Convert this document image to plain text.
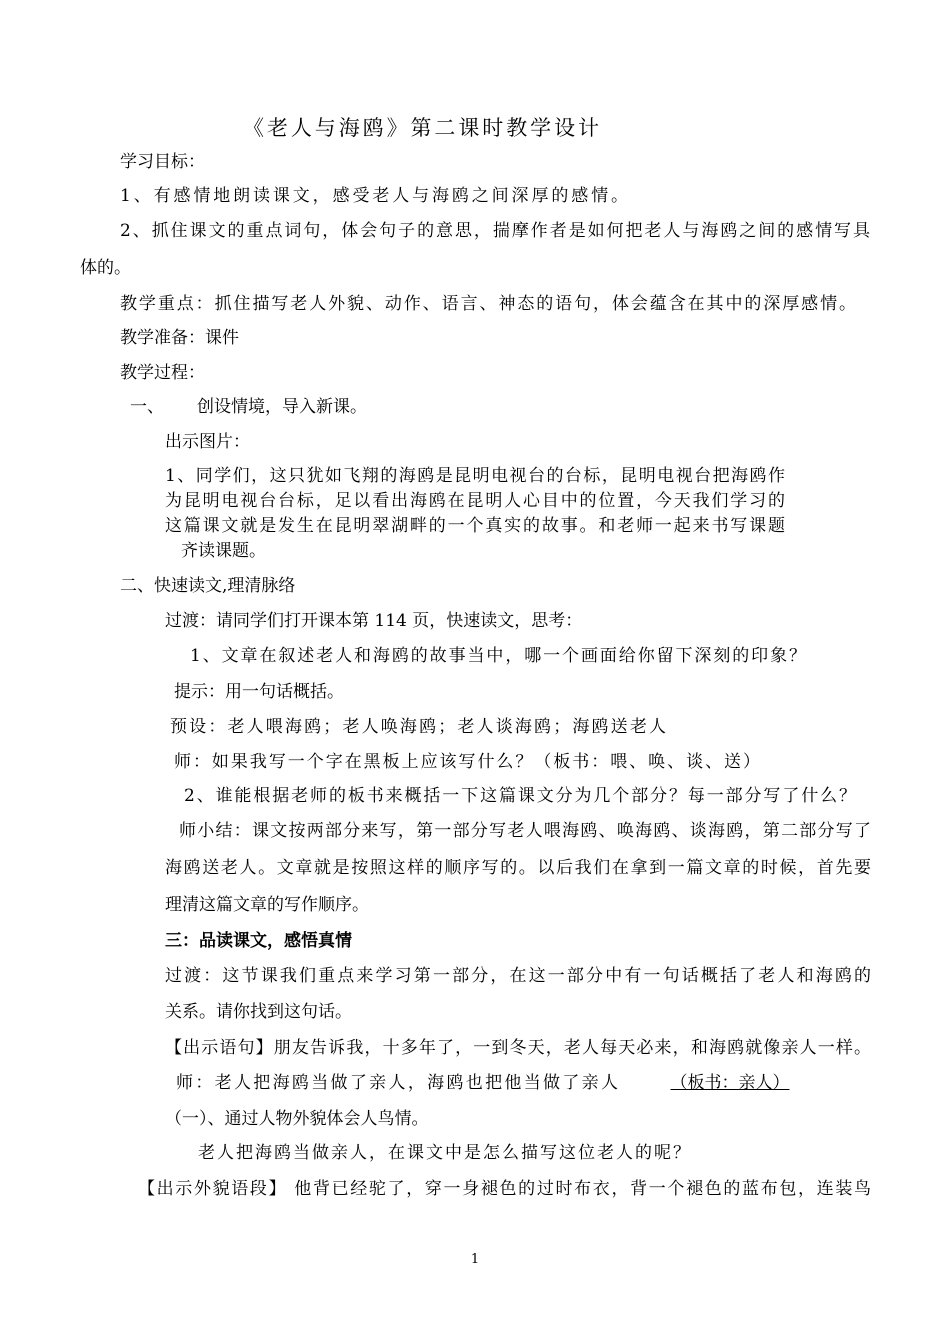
《老人与海鸥》第二课时教学设计
学习目标：
1、有感情地朗读课文，感受老人与海鸥之间深厚的感情。
2、抓住课文的重点词句，体会句子的意思，揣摩作者是如何把老人与海鸥之间的感情写具
体的。
教学重点：抓住描写老人外貌、动作、语言、神态的语句，体会蕴含在其中的深厚感情。
教学准备：课件
教学过程：
一、 创设情境，导入新课。
出示图片：
1、同学们，这只犹如飞翔的海鸥是昆明电视台的台标，昆明电视台把海鸥作
为昆明电视台台标，足以看出海鸥在昆明人心目中的位置，今天我们学习的
这篇课文就是发生在昆明翠湖畔的一个真实的故事。和老师一起来书写课题
齐读课题。
二、快速读文,理清脉络
过渡：请同学们打开课本第 114 页，快速读文，思考：
1、文章在叙述老人和海鸥的故事当中，哪一个画面给你留下深刻的印象？
提示：用一句话概括。
预设：老人喂海鸥；老人唤海鸥；老人谈海鸥；海鸥送老人
师：如果我写一个字在黑板上应该写什么？（板书：喂、唤、谈、送）
2、谁能根据老师的板书来概括一下这篇课文分为几个部分？每一部分写了什么？
师小结：课文按两部分来写，第一部分写老人喂海鸥、唤海鸥、谈海鸥，第二部分写了
海鸥送老人。文章就是按照这样的顺序写的。以后我们在拿到一篇文章的时候，首先要
理清这篇文章的写作顺序。
三：品读课文，感悟真情
过渡：这节课我们重点来学习第一部分，在这一部分中有一句话概括了老人和海鸥的
关系。请你找到这句话。
【出示语句】朋友告诉我，十多年了，一到冬天，老人每天必来，和海鸥就像亲人一样。
师：老人把海鸥当做了亲人，海鸥也把他当做了亲人	（板书：亲人）
（一）、通过人物外貌体会人鸟情。
老人把海鸥当做亲人，在课文中是怎么描写这位老人的呢？
【出示外貌语段】 他背已经驼了，穿一身褪色的过时布衣，背一个褪色的蓝布包，连装鸟
1
